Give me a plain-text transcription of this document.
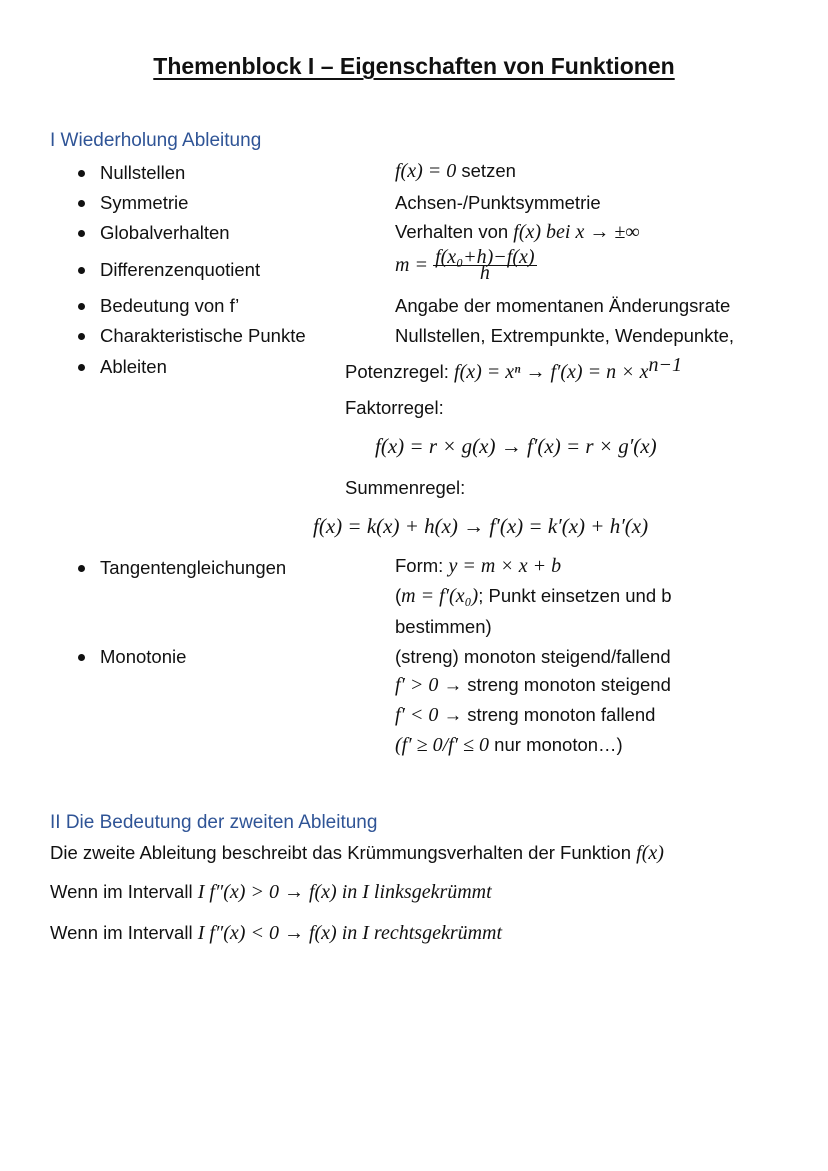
Themenblock I – Eigenschaften von Funktionen
I Wiederholung Ableitung
Nullstellen	f(x) = 0 setzen
Symmetrie	Achsen-/Punktsymmetrie
Globalverhalten	Verhalten von f(x) bei x → ±∞
Differenzenquotient	$m = \frac{\text{f(x₀+h)−f(x)}}{h}$
Bedeutung von f’	Angabe der momentanen Änderungsrate
Charakteristische Punkte	Nullstellen, Extrempunkte, Wendepunkte,
Ableiten	Potenzregel: $f(x) = x^n \to f'(x) = n \times x^{n-1}$
Faktorregel:
f(x) = r × g(x) → f′(x) = r × g′(x)
Summenregel:
f(x) = k(x) + h(x) → f′(x) = k′(x) + h′(x)
Tangentengleichungen	Form: y = m × x + b
(m = f′(x₀); Punkt einsetzen und b
bestimmen)
Monotonie	(streng) monoton steigend/fallend
f′ > 0 → streng monoton steigend
f′ < 0 → streng monoton fallend
(f′ ≥ 0/f′ ≤ 0 nur monoton…)
II Die Bedeutung der zweiten Ableitung
Die zweite Ableitung beschreibt das Krümmungsverhalten der Funktion f(x)
Wenn im Intervall I f″(x) > 0 → f(x) in I linksgekrümmt
Wenn im Intervall I f″(x) < 0 → f(x) in I rechtsgekrümmt
